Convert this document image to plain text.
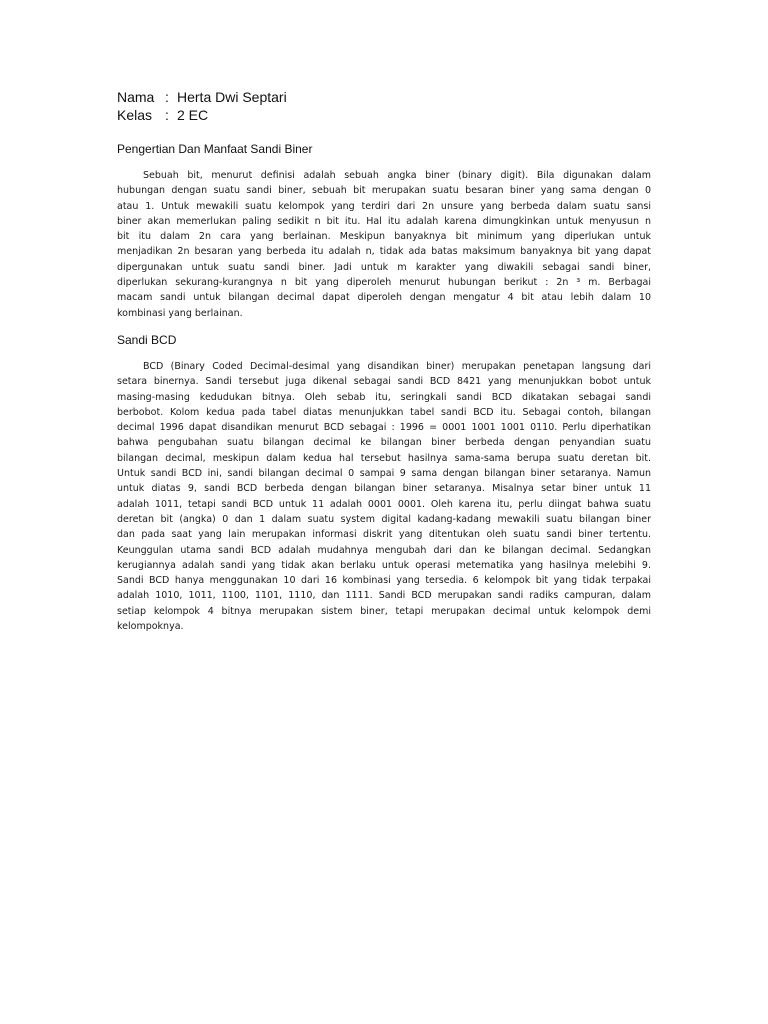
Nama : Herta Dwi Septari
Kelas : 2 EC
Pengertian Dan Manfaat Sandi Biner
Sebuah bit, menurut definisi adalah sebuah angka biner (binary digit). Bila digunakan dalam
hubungan dengan suatu sandi biner, sebuah bit merupakan suatu besaran biner yang sama dengan 0
atau 1. Untuk mewakili suatu kelompok yang terdiri dari 2n unsure yang berbeda dalam suatu sansi
biner akan memerlukan paling sedikit n bit itu. Hal itu adalah karena dimungkinkan untuk menyusun n
bit itu dalam 2n cara yang berlainan. Meskipun banyaknya bit minimum yang diperlukan untuk
menjadikan 2n besaran yang berbeda itu adalah n, tidak ada batas maksimum banyaknya bit yang dapat
dipergunakan untuk suatu sandi biner. Jadi untuk m karakter yang diwakili sebagai sandi biner,
diperlukan sekurang-kurangnya n bit yang diperoleh menurut hubungan berikut : 2n ³ m. Berbagai
macam sandi untuk bilangan decimal dapat diperoleh dengan mengatur 4 bit atau lebih dalam 10
kombinasi yang berlainan.
Sandi BCD
BCD (Binary Coded Decimal-desimal yang disandikan biner) merupakan penetapan langsung dari
setara binernya. Sandi tersebut juga dikenal sebagai sandi BCD 8421 yang menunjukkan bobot untuk
masing-masing kedudukan bitnya. Oleh sebab itu, seringkali sandi BCD dikatakan sebagai sandi
berbobot. Kolom kedua pada tabel diatas menunjukkan tabel sandi BCD itu. Sebagai contoh, bilangan
decimal 1996 dapat disandikan menurut BCD sebagai : 1996 = 0001 1001 1001 0110. Perlu diperhatikan
bahwa pengubahan suatu bilangan decimal ke bilangan biner berbeda dengan penyandian suatu
bilangan decimal, meskipun dalam kedua hal tersebut hasilnya sama-sama berupa suatu deretan bit.
Untuk sandi BCD ini, sandi bilangan decimal 0 sampai 9 sama dengan bilangan biner setaranya. Namun
untuk diatas 9, sandi BCD berbeda dengan bilangan biner setaranya. Misalnya setar biner untuk 11
adalah 1011, tetapi sandi BCD untuk 11 adalah 0001 0001. Oleh karena itu, perlu diingat bahwa suatu
deretan bit (angka) 0 dan 1 dalam suatu system digital kadang-kadang mewakili suatu bilangan biner
dan pada saat yang lain merupakan informasi diskrit yang ditentukan oleh suatu sandi biner tertentu.
Keunggulan utama sandi BCD adalah mudahnya mengubah dari dan ke bilangan decimal. Sedangkan
kerugiannya adalah sandi yang tidak akan berlaku untuk operasi metematika yang hasilnya melebihi 9.
Sandi BCD hanya menggunakan 10 dari 16 kombinasi yang tersedia. 6 kelompok bit yang tidak terpakai
adalah 1010, 1011, 1100, 1101, 1110, dan 1111. Sandi BCD merupakan sandi radiks campuran, dalam
setiap kelompok 4 bitnya merupakan sistem biner, tetapi merupakan decimal untuk kelompok demi
kelompoknya.
